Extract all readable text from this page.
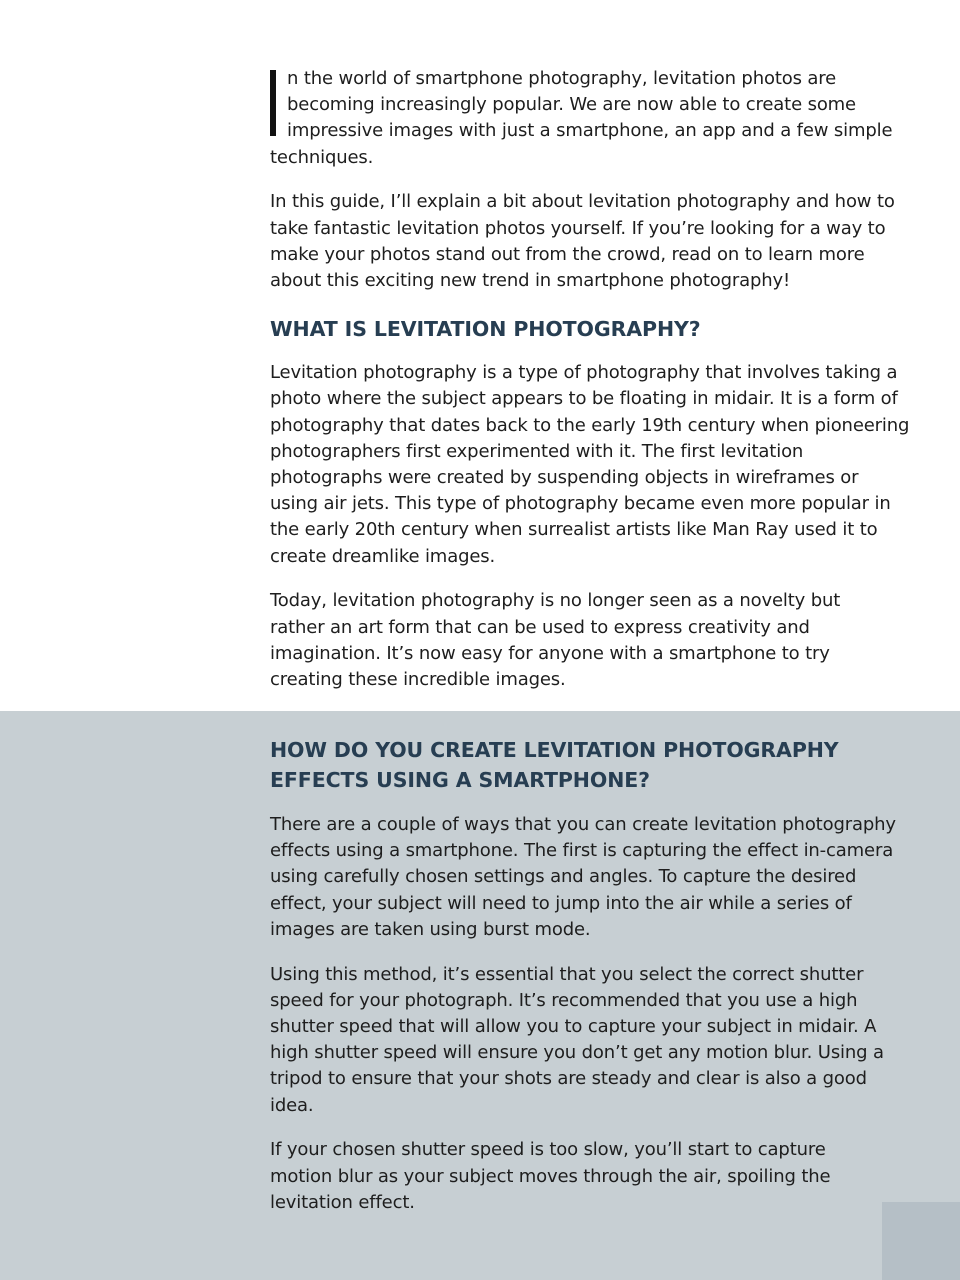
n the world of smartphone photography, levitation photos are

becoming increasingly popular. We are now able to create some

impressive images with just a smartphone, an app and a few simple

techniques.

In this guide, I’ll explain a bit about levitation photography and how to take fantastic levitation photos yourself. If you’re looking for a way to make your photos stand out from the crowd, read on to learn more about this exciting new trend in smartphone photography!

WHAT IS LEVITATION PHOTOGRAPHY?

Levitation photography is a type of photography that involves taking a photo where the subject appears to be floating in midair. It is a form of photography that dates back to the early 19th century when pioneering photographers first experimented with it. The first levitation photographs were created by suspending objects in wireframes or using air jets. This type of photography became even more popular in the early 20th century when surrealist artists like Man Ray used it to create dreamlike images.

Today, levitation photography is no longer seen as a novelty but rather an art form that can be used to express creativity and imagination. It’s now easy for anyone with a smartphone to try creating these incredible images.

HOW DO YOU CREATE LEVITATION PHOTOGRAPHY
EFFECTS USING A SMARTPHONE?

There are a couple of ways that you can create levitation photography effects using a smartphone. The first is capturing the effect in-camera using carefully chosen settings and angles. To capture the desired effect, your subject will need to jump into the air while a series of images are taken using burst mode.

Using this method, it’s essential that you select the correct shutter speed for your photograph. It’s recommended that you use a high shutter speed that will allow you to capture your subject in midair. A high shutter speed will ensure you don’t get any motion blur. Using a tripod to ensure that your shots are steady and clear is also a good idea.

If your chosen shutter speed is too slow, you’ll start to capture motion blur as your subject moves through the air, spoiling the levitation effect.
